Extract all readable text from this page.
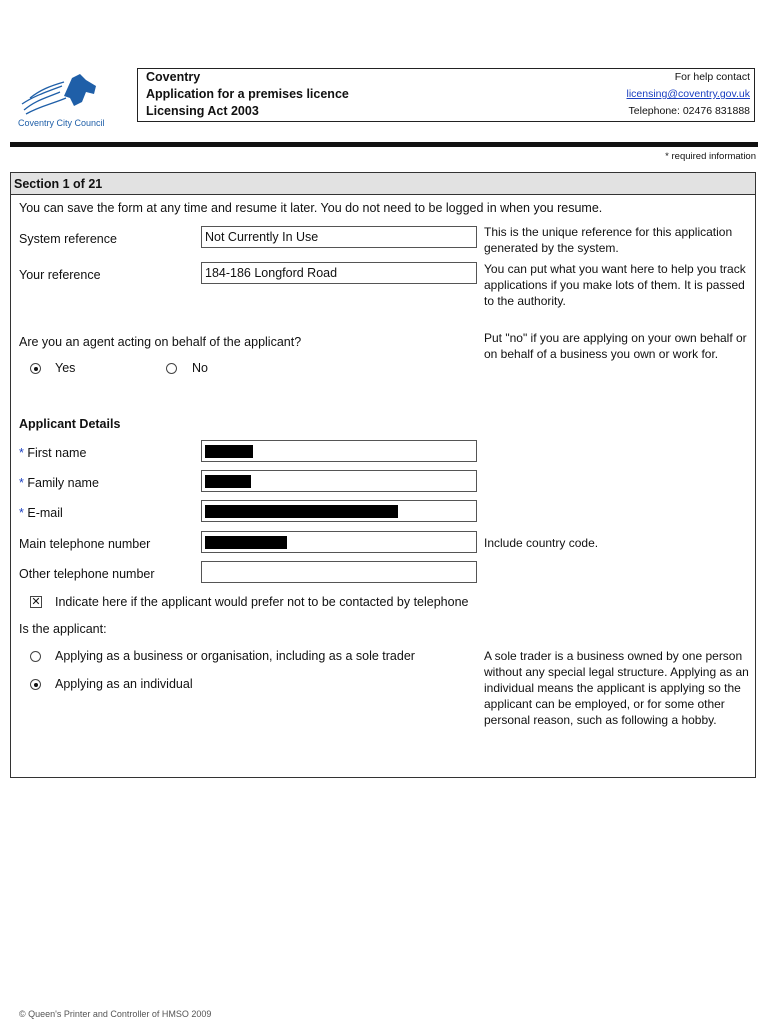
Coventry City Council
Coventry
Application for a premises licence
Licensing Act 2003
For help contact
licensing@coventry.gov.uk
Telephone: 02476 831888
* required information
Section 1 of 21
You can save the form at any time and resume it later. You do not need to be logged in when you resume.
System reference	Not Currently In Use	This is the unique reference for this application generated by the system.
Your reference	184-186 Longford Road	You can put what you want here to help you track applications if you make lots of them. It is passed to the authority.
Are you an agent acting on behalf of the applicant?
Yes	No
Put "no" if you are applying on your own behalf or on behalf of a business you own or work for.
Applicant Details
* First name
* Family name
* E-mail
Main telephone number	Include country code.
Other telephone number
✕ Indicate here if the applicant would prefer not to be contacted by telephone
Is the applicant:
Applying as a business or organisation, including as a sole trader
Applying as an individual
A sole trader is a business owned by one person without any special legal structure. Applying as an individual means the applicant is applying so the applicant can be employed, or for some other personal reason, such as following a hobby.
© Queen's Printer and Controller of HMSO 2009
